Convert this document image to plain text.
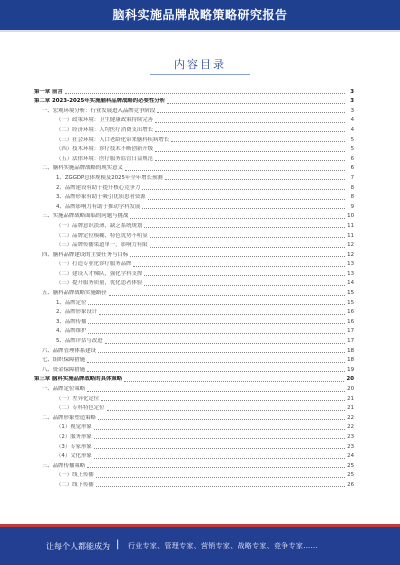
脑科实施品牌战略策略研究报告
内容目录
第一章 前言	3
第二章 2023-2025年实施脑科品牌战略的必要性分析	3
一、宏观环境分析：行业发展进入品牌竞争阶段	3
（一）政策环境：卫生健康政策持续完善	4
（二）经济环境：人均医疗消费支出增长	4
（三）社会环境：人口老龄化带来脑科疾病增长	5
（四）技术环境：诊疗技术不断创新升级	5
（五）法律环境：医疗服务监管日益规范	6
二、脑科实施品牌战略的现实意义	6
1、ZGGDP总体规模及2025年全年增长预测	7
2、品牌建设有助于提升核心竞争力	8
3、品牌形象有助于吸引优质患者资源	8
4、品牌影响力有助于推动学科发展	9
三、实施品牌战略面临的问题与挑战	10
（一）品牌意识淡薄，缺乏系统规划	11
（二）品牌定位模糊，特色优势不明显	11
（三）品牌传播渠道单一，影响力有限	12
四、脑科品牌建设的主要任务与目标	12
（一）打造专业化诊疗服务品牌	13
（二）建设人才梯队，强化学科支撑	13
（三）提升服务质量，优化患者体验	14
五、脑科品牌战略实施路径	15
1、品牌定位	15
2、品牌形象设计	16
3、品牌传播	16
4、品牌维护	17
5、品牌评估与改进	17
六、品牌管理体系建设	18
七、组织保障措施	18
八、资金保障措施	19
第三章 脑科实施品牌战略的具体策略	20
一、品牌定位策略	20
（一）差异化定位	21
（二）专科特色定位	21
二、品牌形象塑造策略	22
（1）视觉形象	22
（2）服务形象	23
（3）专家形象	23
（4）文化形象	24
三、品牌传播策略	25
（一）线上传播	25
（二）线下传播	26
让每个人都能成为 | 行业专家、管理专家、营销专家、战略专家、竞争专家……
